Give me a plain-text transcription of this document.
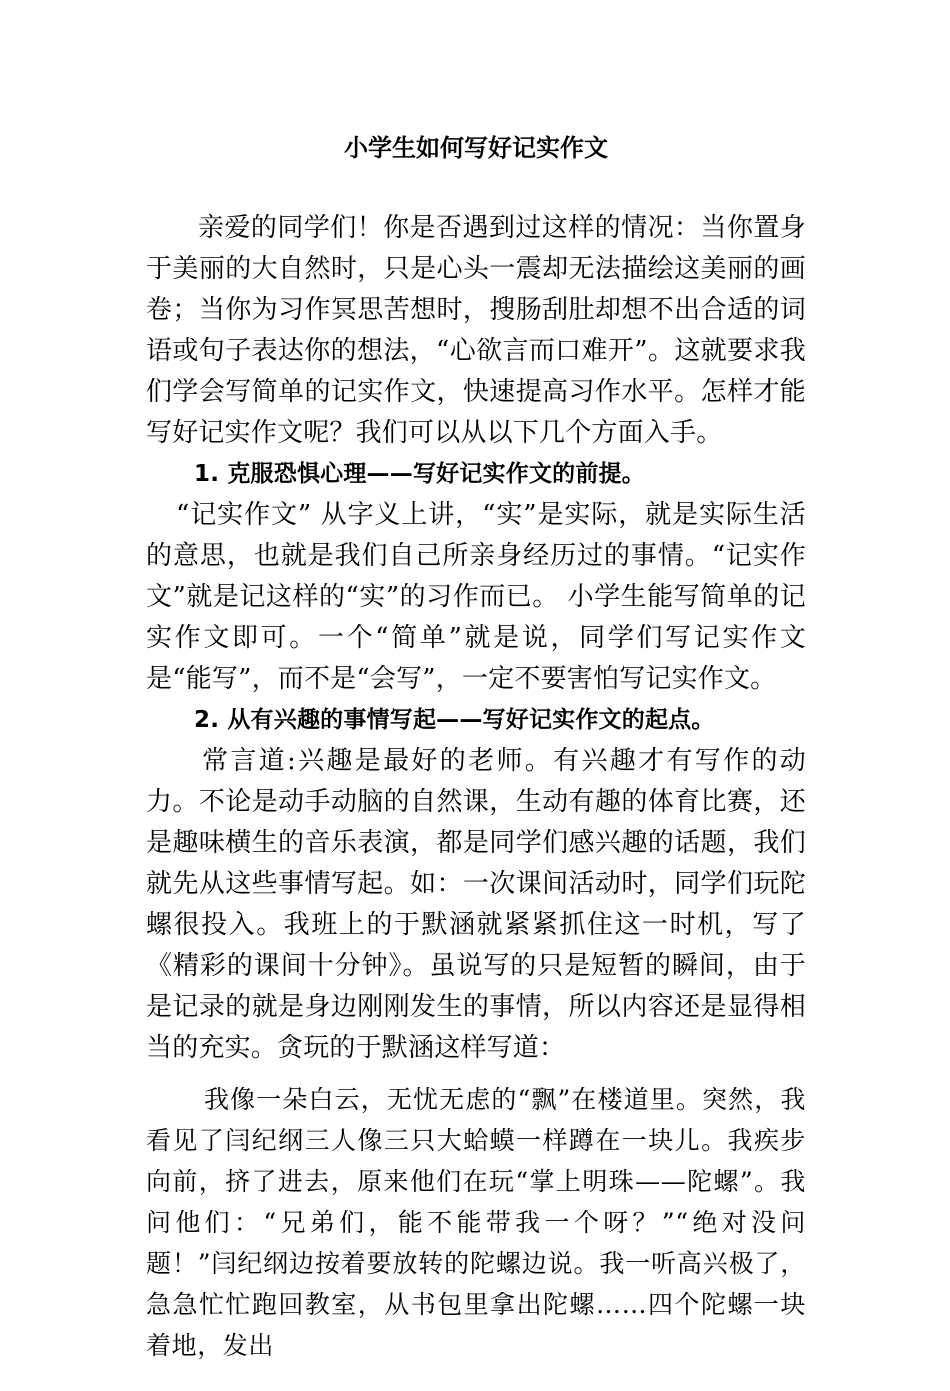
小学生如何写好记实作文

亲爱的同学们！你是否遇到过这样的情况：当你置身于美丽的大自然时，只是心头一震却无法描绘这美丽的画卷；当你为习作冥思苦想时，搜肠刮肚却想不出合适的词语或句子表达你的想法，“心欲言而口难开”。这就要求我们学会写简单的记实作文，快速提高习作水平。怎样才能写好记实作文呢？我们可以从以下几个方面入手。

1. 克服恐惧心理——写好记实作文的前提。

“记实作文” 从字义上讲，“实”是实际，就是实际生活的意思，也就是我们自己所亲身经历过的事情。“记实作文”就是记这样的“实”的习作而已。 小学生能写简单的记实作文即可。一个“简单”就是说，同学们写记实作文是“能写”，而不是“会写”，一定不要害怕写记实作文。

2. 从有兴趣的事情写起——写好记实作文的起点。

常言道:兴趣是最好的老师。有兴趣才有写作的动力。不论是动手动脑的自然课，生动有趣的体育比赛，还是趣味横生的音乐表演，都是同学们感兴趣的话题，我们就先从这些事情写起。如：一次课间活动时，同学们玩陀螺很投入。我班上的于默涵就紧紧抓住这一时机，写了《精彩的课间十分钟》。虽说写的只是短暂的瞬间，由于是记录的就是身边刚刚发生的事情，所以内容还是显得相当的充实。贪玩的于默涵这样写道：

我像一朵白云，无忧无虑的“飘”在楼道里。突然，我看见了闫纪纲三人像三只大蛤蟆一样蹲在一块儿。我疾步向前，挤了进去，原来他们在玩“掌上明珠——陀螺”。我问他们：“兄弟们，能不能带我一个呀？”“绝对没问题！”闫纪纲边按着要放转的陀螺边说。我一听高兴极了，急急忙忙跑回教室，从书包里拿出陀螺……四个陀螺一块着地，发出
